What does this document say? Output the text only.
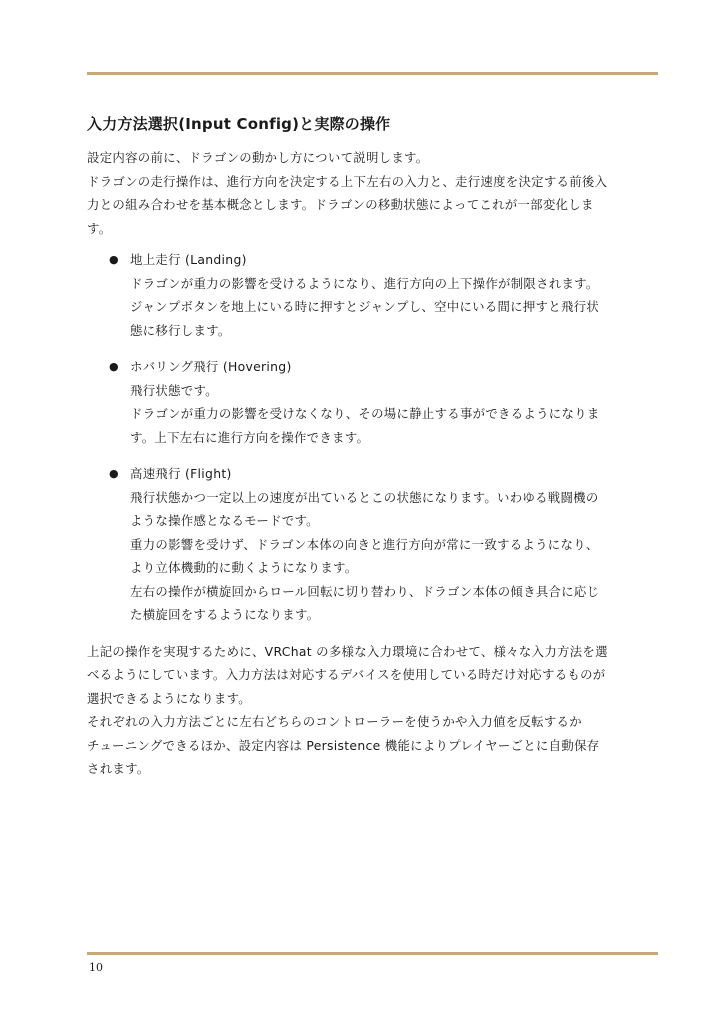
入力方法選択(Input Config)と実際の操作

設定内容の前に、ドラゴンの動かし方について説明します。
ドラゴンの走行操作は、進行方向を決定する上下左右の入力と、走行速度を決定する前後入
力との組み合わせを基本概念とします。ドラゴンの移動状態によってこれが一部変化しま
す。

● 地上走行 (Landing)
ドラゴンが重力の影響を受けるようになり、進行方向の上下操作が制限されます。
ジャンプボタンを地上にいる時に押すとジャンプし、空中にいる間に押すと飛行状
態に移行します。
● ホバリング飛行 (Hovering)
飛行状態です。
ドラゴンが重力の影響を受けなくなり、その場に静止する事ができるようになりま
す。上下左右に進行方向を操作できます。
● 高速飛行 (Flight)
飛行状態かつ一定以上の速度が出ているとこの状態になります。いわゆる戦闘機の
ような操作感となるモードです。
重力の影響を受けず、ドラゴン本体の向きと進行方向が常に一致するようになり、
より立体機動的に動くようになります。
左右の操作が横旋回からロール回転に切り替わり、ドラゴン本体の傾き具合に応じ
た横旋回をするようになります。

上記の操作を実現するために、VRChat の多様な入力環境に合わせて、様々な入力方法を選
べるようにしています。入力方法は対応するデバイスを使用している時だけ対応するものが
選択できるようになります。
それぞれの入力方法ごとに左右どちらのコントローラーを使うかや入力値を反転するか
チューニングできるほか、設定内容は Persistence 機能によりプレイヤーごとに自動保存
されます。

10
